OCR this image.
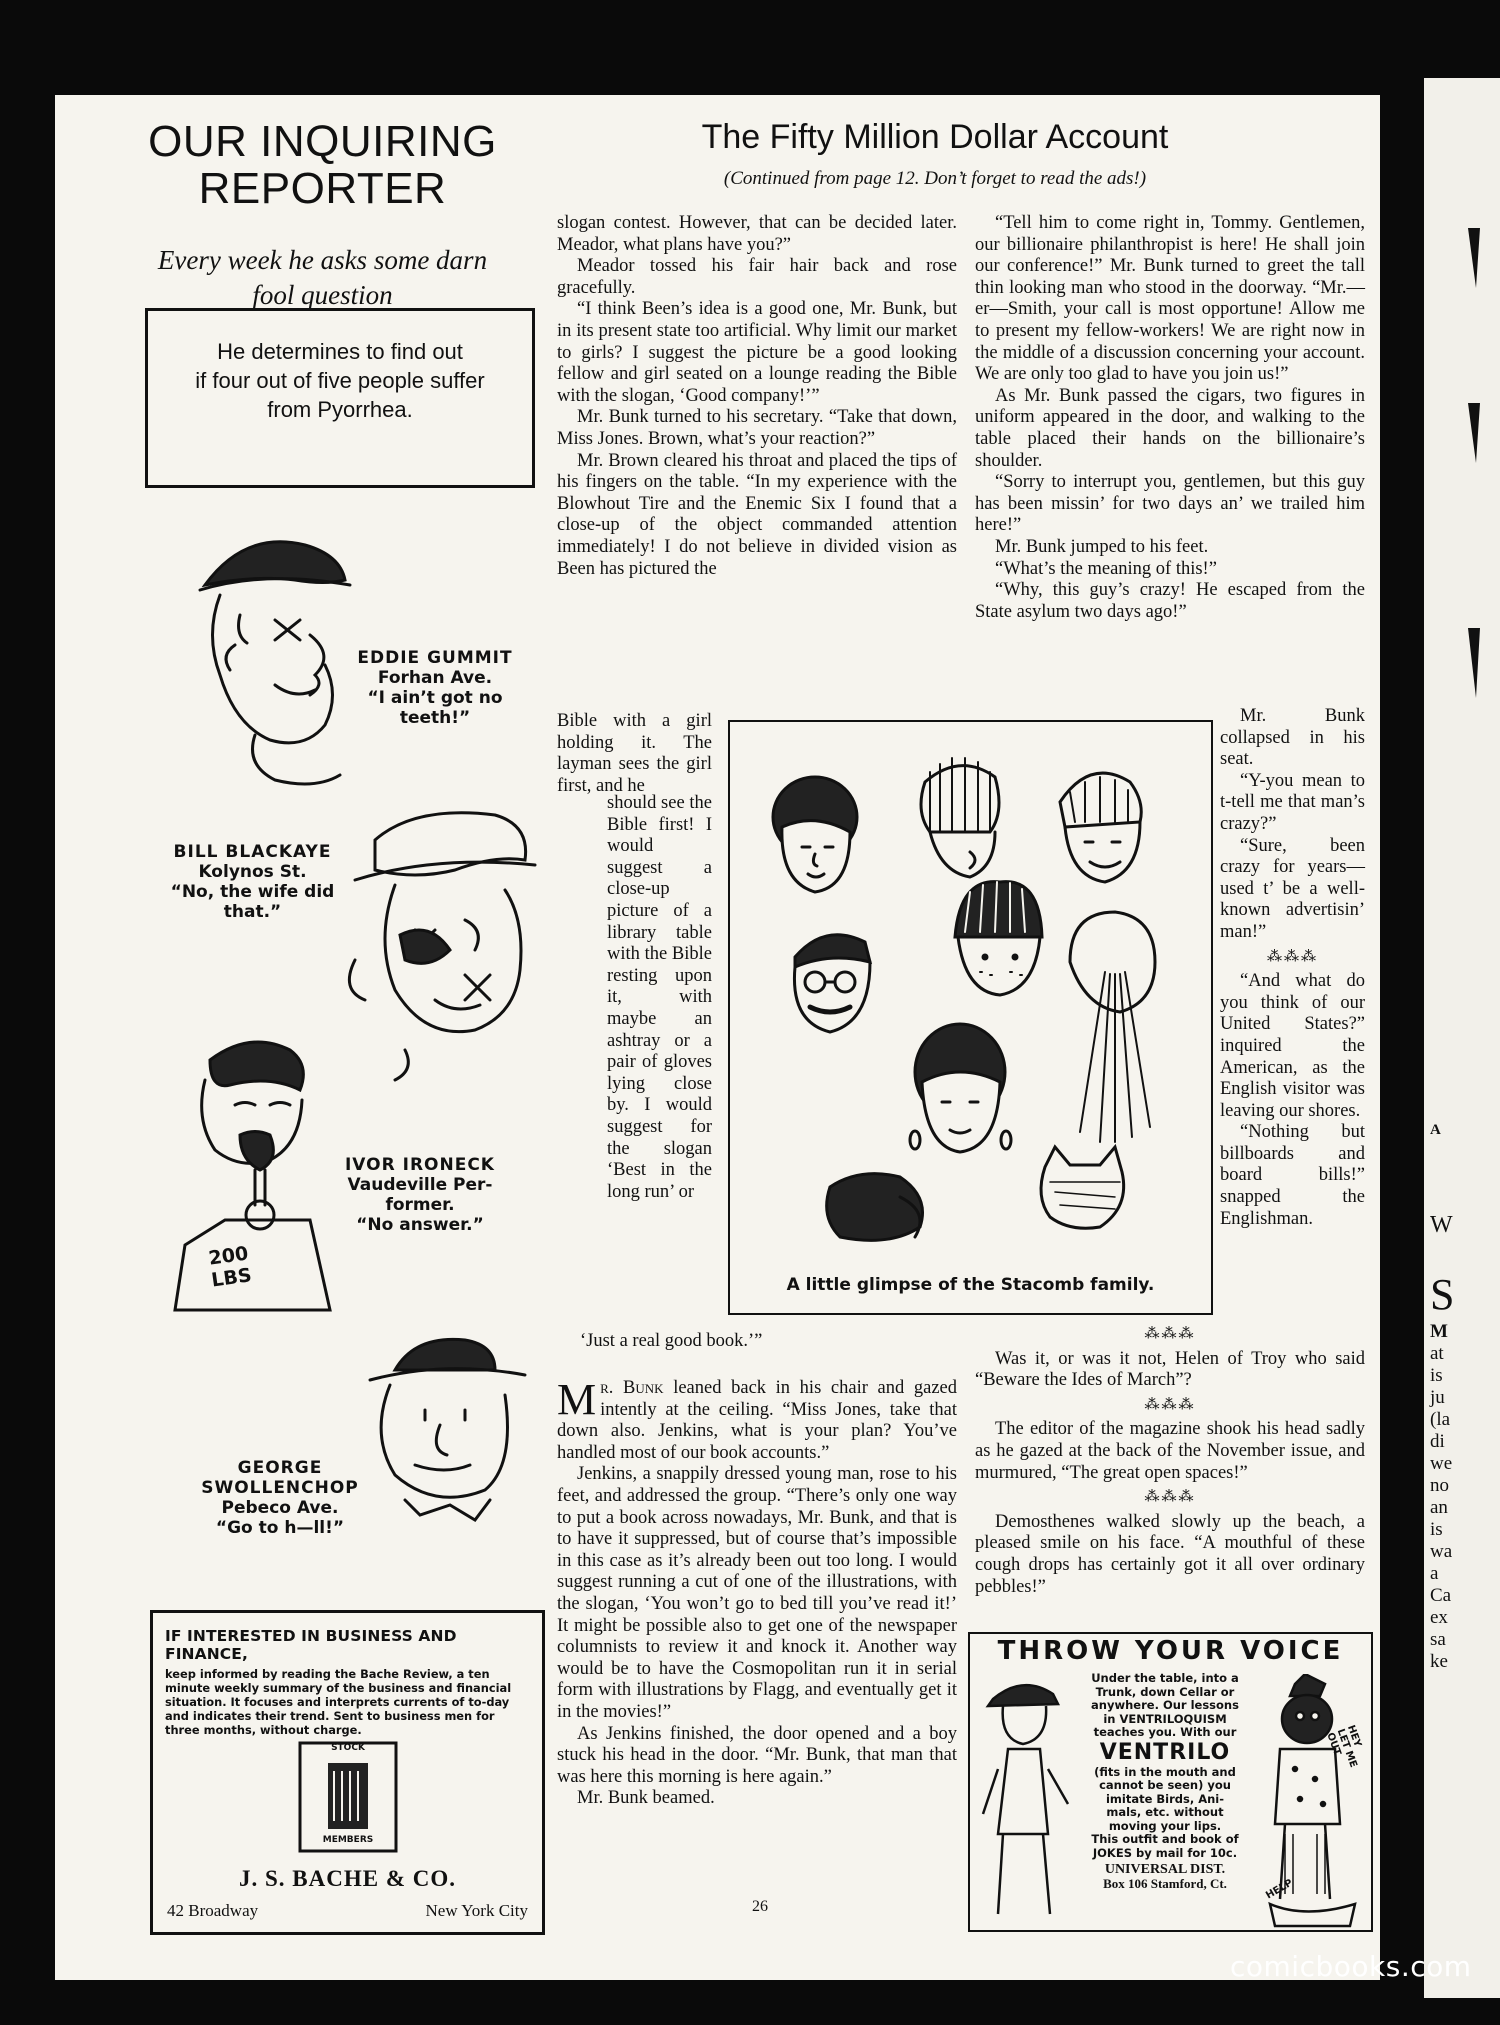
A
W
S
M
at
is
ju
(la
di
we
no
an
is
wa
a
Ca
ex
sa
ke
OUR INQUIRING
REPORTER
Every week he asks some darn
fool question
He determines to find out
if four out of five people suffer
from Pyorrhea.
EDDIE GUMMIT
Forhan Ave.
“I ain’t got no
teeth!”
BILL BLACKAYE
Kolynos St.
“No, the wife did
that.”
200
LBS
IVOR IRONECK
Vaudeville Per-
former.
“No answer.”
GEORGE
SWOLLENCHOP
Pebeco Ave.
“Go to h—ll!”
IF INTERESTED IN BUSINESS AND FINANCE,
keep informed by reading the Bache Review, a ten minute weekly summary of the business and financial situation. It focuses and interprets currents of to-day and indicates their trend. Sent to business men for three months, without charge.
STOCK
MEMBERS
J. S. BACHE & CO.
42 Broadway	New York City
The Fifty Million Dollar Account
(Continued from page 12. Don’t forget to read the ads!)

slogan contest. However, that can be decided later. Meador, what plans have you?”

Meador tossed his fair hair back and rose gracefully.

“I think Been’s idea is a good one, Mr. Bunk, but in its present state too artificial. Why limit our market to girls? I suggest the picture be a good looking fellow and girl seated on a lounge reading the Bible with the slogan, ‘Good company!’”

Mr. Bunk turned to his secretary. “Take that down, Miss Jones. Brown, what’s your reaction?”

Mr. Brown cleared his throat and placed the tips of his fingers on the table. “In my experience with the Blowhout Tire and the Enemic Six I found that a close-up of the object commanded attention immediately! I do not believe in divided vision as Been has pictured the

Bible with a girl holding it. The layman sees the girl first, and he

should see the Bible first! I would suggest a close-up picture of a library table with the Bible resting upon it, with maybe an ashtray or a pair of gloves lying close by. I would suggest for the slogan ‘Best in the long run’ or

‘Just a real good book.’”

Mr. Bunk leaned back in his chair and gazed intently at the ceiling. “Miss Jones, take that down also. Jenkins, what is your plan? You’ve handled most of our book accounts.”

Jenkins, a snappily dressed young man, rose to his feet, and addressed the group. “There’s only one way to put a book across nowadays, Mr. Bunk, and that is to have it suppressed, but of course that’s impossible in this case as it’s already been out too long. I would suggest running a cut of one of the illustrations, with the slogan, ‘You won’t go to bed till you’ve read it!’ It might be possible also to get one of the newspaper columnists to review it and knock it. Another way would be to have the Cosmopolitan run it in serial form with illustrations by Flagg, and eventually get it in the movies!”

As Jenkins finished, the door opened and a boy stuck his head in the door. “Mr. Bunk, that man that was here this morning is here again.”

Mr. Bunk beamed.

“Tell him to come right in, Tommy. Gentlemen, our billionaire philanthropist is here! He shall join our conference!” Mr. Bunk turned to greet the tall thin looking man who stood in the doorway. “Mr.—er—Smith, your call is most opportune! Allow me to present my fellow-workers! We are right now in the middle of a discussion concerning your account. We are only too glad to have you join us!”

As Mr. Bunk passed the cigars, two figures in uniform appeared in the door, and walking to the table placed their hands on the billionaire’s shoulder.

“Sorry to interrupt you, gentlemen, but this guy has been missin’ for two days an’ we trailed him here!”

Mr. Bunk jumped to his feet.

“What’s the meaning of this!”

“Why, this guy’s crazy! He escaped from the State asylum two days ago!”

Mr. Bunk collapsed in his seat.

“Y-you mean to t-tell me that man’s crazy?”

“Sure, been crazy for years—used t’ be a well-known advertisin’ man!”

⁂⁂⁂

“And what do you think of our United States?” inquired the American, as the English visitor was leaving our shores.

“Nothing but billboards and board bills!” snapped the Englishman.

⁂⁂⁂

Was it, or was it not, Helen of Troy who said “Beware the Ides of March”?

⁂⁂⁂

The editor of the magazine shook his head sadly as he gazed at the back of the November issue, and murmured, “The great open spaces!”

⁂⁂⁂

Demosthenes walked slowly up the beach, a pleased smile on his face. “A mouthful of these cough drops has certainly got it all over ordinary pebbles!”

A little glimpse of the Stacomb family.
THROW YOUR VOICE
HEY LET ME OUT
HELP
Under the table, into a
Trunk, down Cellar or
anywhere. Our lessons
in VENTRILOQUISM
teaches you. With our
VENTRILO
(fits in the mouth and
cannot be seen) you
imitate Birds, Ani-
mals, etc. without
moving your lips.
This outfit and book of
JOKES by mail for 10c.
UNIVERSAL DIST.
Box 106 Stamford, Ct.
26
comicbooks.com
